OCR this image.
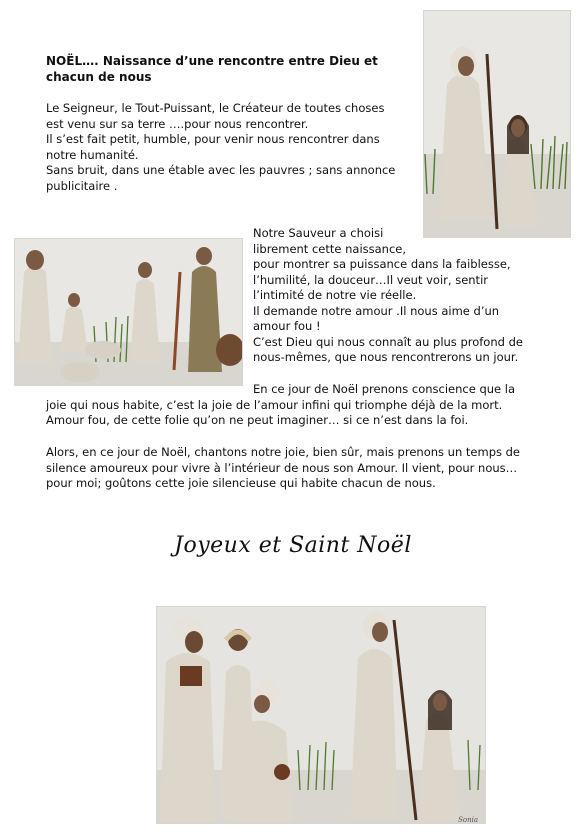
NOËL…. Naissance d’une rencontre entre Dieu et chacun de nous

Le Seigneur, le Tout-Puissant, le Créateur de toutes choses
est venu sur sa terre ….pour nous rencontrer.
Il s’est fait petit, humble, pour venir nous rencontrer dans
notre humanité.
Sans bruit, dans une étable avec les pauvres ; sans annonce
publicitaire .
Notre Sauveur a choisi
librement cette naissance,
pour montrer sa puissance dans la faiblesse,
l’humilité, la douceur…Il veut voir, sentir
l’intimité de notre vie réelle.
Il demande notre amour .Il nous aime d’un
amour fou !
C’est Dieu qui nous connaît au plus profond de
nous-mêmes, que nous rencontrerons un jour.
En ce jour de Noël prenons conscience que la
joie qui nous habite, c’est la joie de l’amour infini qui triomphe déjà de la mort.
Amour fou, de cette folie qu’on ne peut imaginer… si ce n’est dans la foi.
Alors, en ce jour de Noël, chantons notre joie, bien sûr, mais prenons un temps de
silence amoureux pour vivre à l’intérieur de nous son Amour. Il vient, pour nous…
pour moi; goûtons cette joie silencieuse qui habite chacun de nous.

Joyeux et Saint Noël

Sonia
